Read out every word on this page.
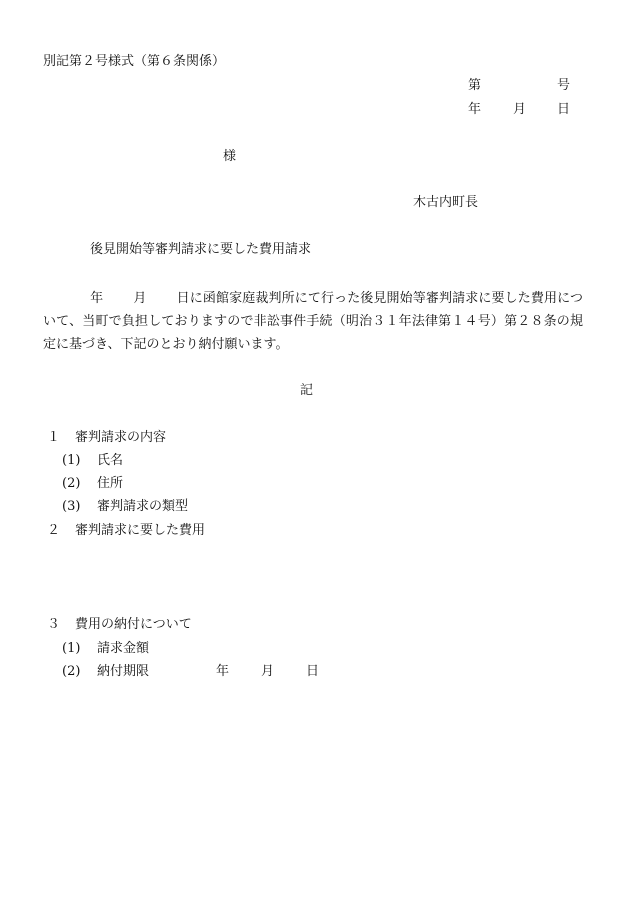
別記第２号様式（第６条関係）
第	号
年 月 日
様
木古内町長
後見開始等審判請求に要した費用請求
年 月 日に函館家庭裁判所にて行った後見開始等審判請求に要した費用について、当町で負担しておりますので非訟事件手続（明治３１年法律第１４号）第２８条の規定に基づき、下記のとおり納付願います。
記
１ 審判請求の内容
(1) 氏名
(2) 住所
(3) 審判請求の類型
２ 審判請求に要した費用
３ 費用の納付について
(1) 請求金額
(2) 納付期限	年 月 日
